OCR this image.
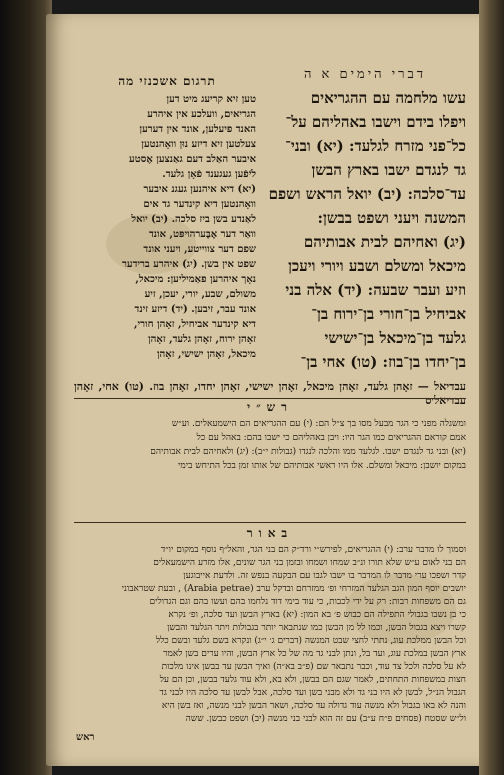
דברי הימים א ה
תרגום אשכנזי מה

עשו מלחמה עם ההגריאים

ויפלו בידם וישבו באהליהם על־

כל־פני מזרח לגלעד: (יא) ובני־

גד לנגדם ישבו בארץ הבשן

עד־סלכה: (יב) יואל הראש ושפם

המשנה ויעני ושפט בבשן:

(יג) ואחיהם לבית אבותיהם

מיכאל ומשלם ושבע ויורי ויעכן

וזיע ועבר שבעה: (יד) אלה בני

אביחיל בן־חורי בן־ירוח בן־

גלעד בן־מיכאל בן־ישישי

בן־יחדו בן־בוז: (טו) אחי בן־

טען זיא קריעג מיט דען

הגריאים, וועלכע אין איהרע

האנד פיעלען, אונד אין דערען

צעלטען זיא דיזע נוּן וואָהנטען

איבער האַלב דעם גאַנצען אֶסטע

לֹיפֿען געגענד פֿאָן גלעד.

(יא) דיא איהנען געגנ איבער

וואָהנטען דיא קינדער גד אים

לאַנדע בשן ביז סלכה. (יב) יואל

וואַר דער אֶבֶּערהויפּט, אונד

שפם דער צווייטע, ויעני אונד

שפט אין בשן. (יג) איהרע ברידער

נאָך איהרען פאַמיליען: מיכאל,

משולם, שבע, יורי, יעכן, זיע

אונד עבר, זיבען. (יד) דיזע זינד

דיא קינדער אביחיל, זאָהן חורי,

זאָהן ירוח, זאָהן גלעד, זאָהן

מיכאל, זאָהן ישישי, זאָהן

עבדיאל — זאָהן גלעד, זאָהן מיכאל, זאָהן ישישי, זאָהן יחדו, זאָהן בוז. (טו) אחי, זאָהן עבדיאל׳ס
רש״י

ומשגלה מפני כי הגר מבעל מסו בך צ״ל הם: (י) עם ההגריאים הם הישמעאלים. וע״ש

אמם קוראם ההגריאים כמו הגר היו: ויבן באהליהם כי ישבו בהם: באהל עם כל

(יא) ובני גד לנגדם ישבו. לגלעד ממו והלכה לנגדו (גבולות י״ב): (יג) ולאחיהם לבית אבותיהם

במקום יושבן: מיכאל ומשלם. אלו היו ראשי אבותיהם של אותו זמן בכל התיחש בימי

באור

וסמוך לו מדבר ערב: (י) ההגריאים, לפירש״י ורד״ק הם בני הגר, והאל״ף נוסף במקום יו״ד

הם בני לאום ע״ש שלא תורו ונ״ב שמחו ושמחו ובזמן בני הגר שונים, אלו מזרע הישמעאלים

קדר ושפכו ערי מדבר לו המדבר בו ישבו לגבו עם הבקעה בנפש זה. ולדעת אייבוגען

יושבים יוסף המון הגב הגלעד המזרחי ופ׳ ממזרחם ובדקל ערב (Arabia petrae) , ובעת שטראבוני

גם הם משפחות רבות: רק על ידי לכבות, כי עוד בימי דוד נלחמו בהם ועשו בהם וגם הגדולים

כי בן נשבו בגבולי התפילה הם כבוש פ׳ בא המון: (יא) בארץ הבשן ועד סלכה, ופ׳ נקרא

קשרו ויצא בגבול הבשן, וכמו לל מן הבשן כמו שנתבאר יותר בגבולות ויתר הגלעד והבשן

וכל הבשן ממלכת עוג, נתתי לחצי שבט המנשה (דברים ג׳ י״ג) ונקרא בשם גלעד ובשם כלל

ארץ הבשן במלכת עוג, ועד בל, ונתן לבני גד מה של כל ארץ הבשן, והיו ערים בשן לאמר

לא על סלכה ולכל צד עוד, וכבר נתבאר שם (פ״ב בא״ה) ואיך הבשן עד בבשן אינו מלכות

חצות במשפחות התחתים, לאמר שגם הם בבשן, ולא בא, ולא עוד גלעד בבשן, וכן הם על

הגבול הנ״ל, לבשן לא היו בני גד ולא מבני בשן ועד סלכה, אבל לבשן עד סלכה היו לבני גד

והנה לא באו בגבול ולא מנשה עוד גדולה עד סלכה, ושאר הבשן לבני מנשה, ואז בשן היא

ול״ש שסטח (פסחים פ״ח ע״ב) עם זה הוא לבני בני מנשה (יב) ושפט כבשן. ששה

ראש
